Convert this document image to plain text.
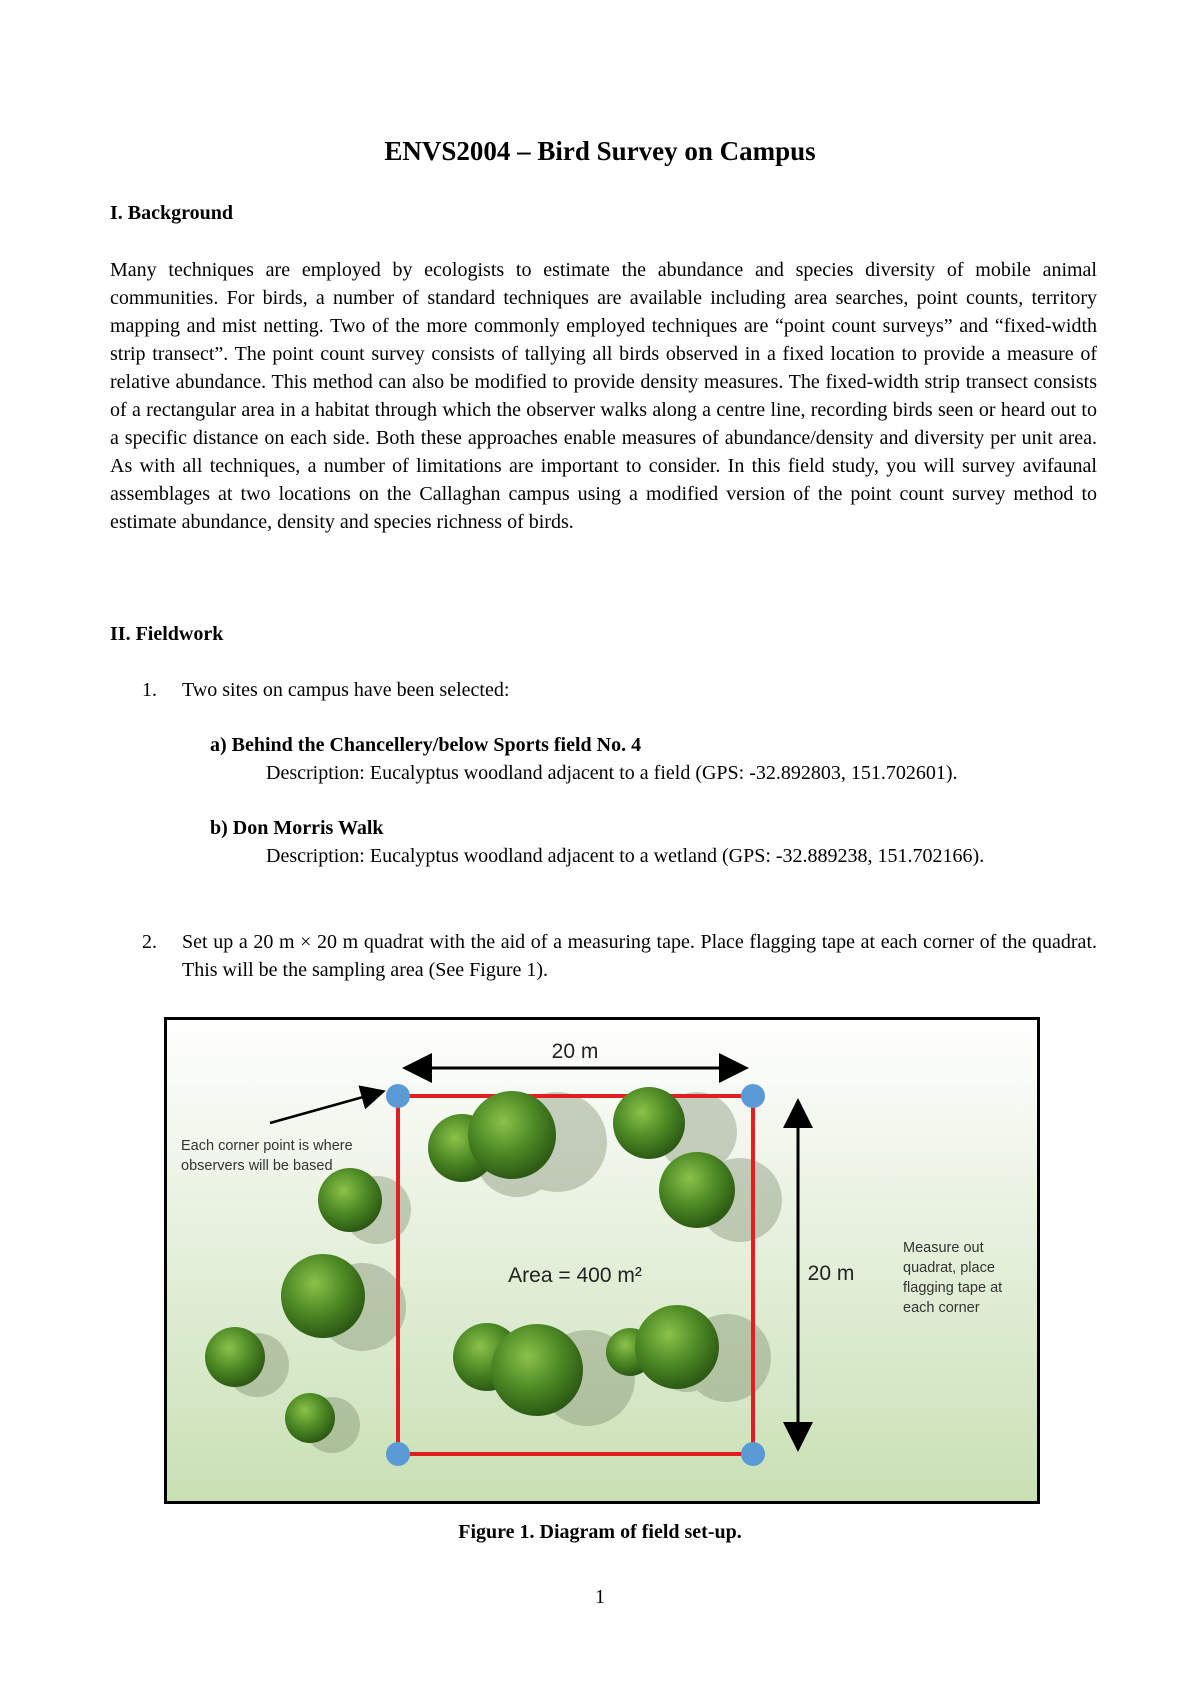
ENVS2004 – Bird Survey on Campus
I. Background

Many techniques are employed by ecologists to estimate the abundance and species diversity of mobile animal communities. For birds, a number of standard techniques are available including area searches, point counts, territory mapping and mist netting. Two of the more commonly employed techniques are “point count surveys” and “fixed-width strip transect”. The point count survey consists of tallying all birds observed in a fixed location to provide a measure of relative abundance. This method can also be modified to provide density measures. The fixed-width strip transect consists of a rectangular area in a habitat through which the observer walks along a centre line, recording birds seen or heard out to a specific distance on each side. Both these approaches enable measures of abundance/density and diversity per unit area. As with all techniques, a number of limitations are important to consider. In this field study, you will survey avifaunal assemblages at two locations on the Callaghan campus using a modified version of the point count survey method to estimate abundance, density and species richness of birds.

II. Fieldwork
1. Two sites on campus have been selected:
a) Behind the Chancellery/below Sports field No. 4
Description: Eucalyptus woodland adjacent to a field (GPS: -32.892803, 151.702601).
b) Don Morris Walk
Description: Eucalyptus woodland adjacent to a wetland (GPS: -32.889238, 151.702166).
2. Set up a 20 m × 20 m quadrat with the aid of a measuring tape. Place flagging tape at each corner of the quadrat. This will be the sampling area (See Figure 1).
20 m
20 m
Area = 400 m²
Each corner point is where
observers will be based
Measure out
quadrat, place
flagging tape at
each corner
Figure 1. Diagram of field set-up.
1
